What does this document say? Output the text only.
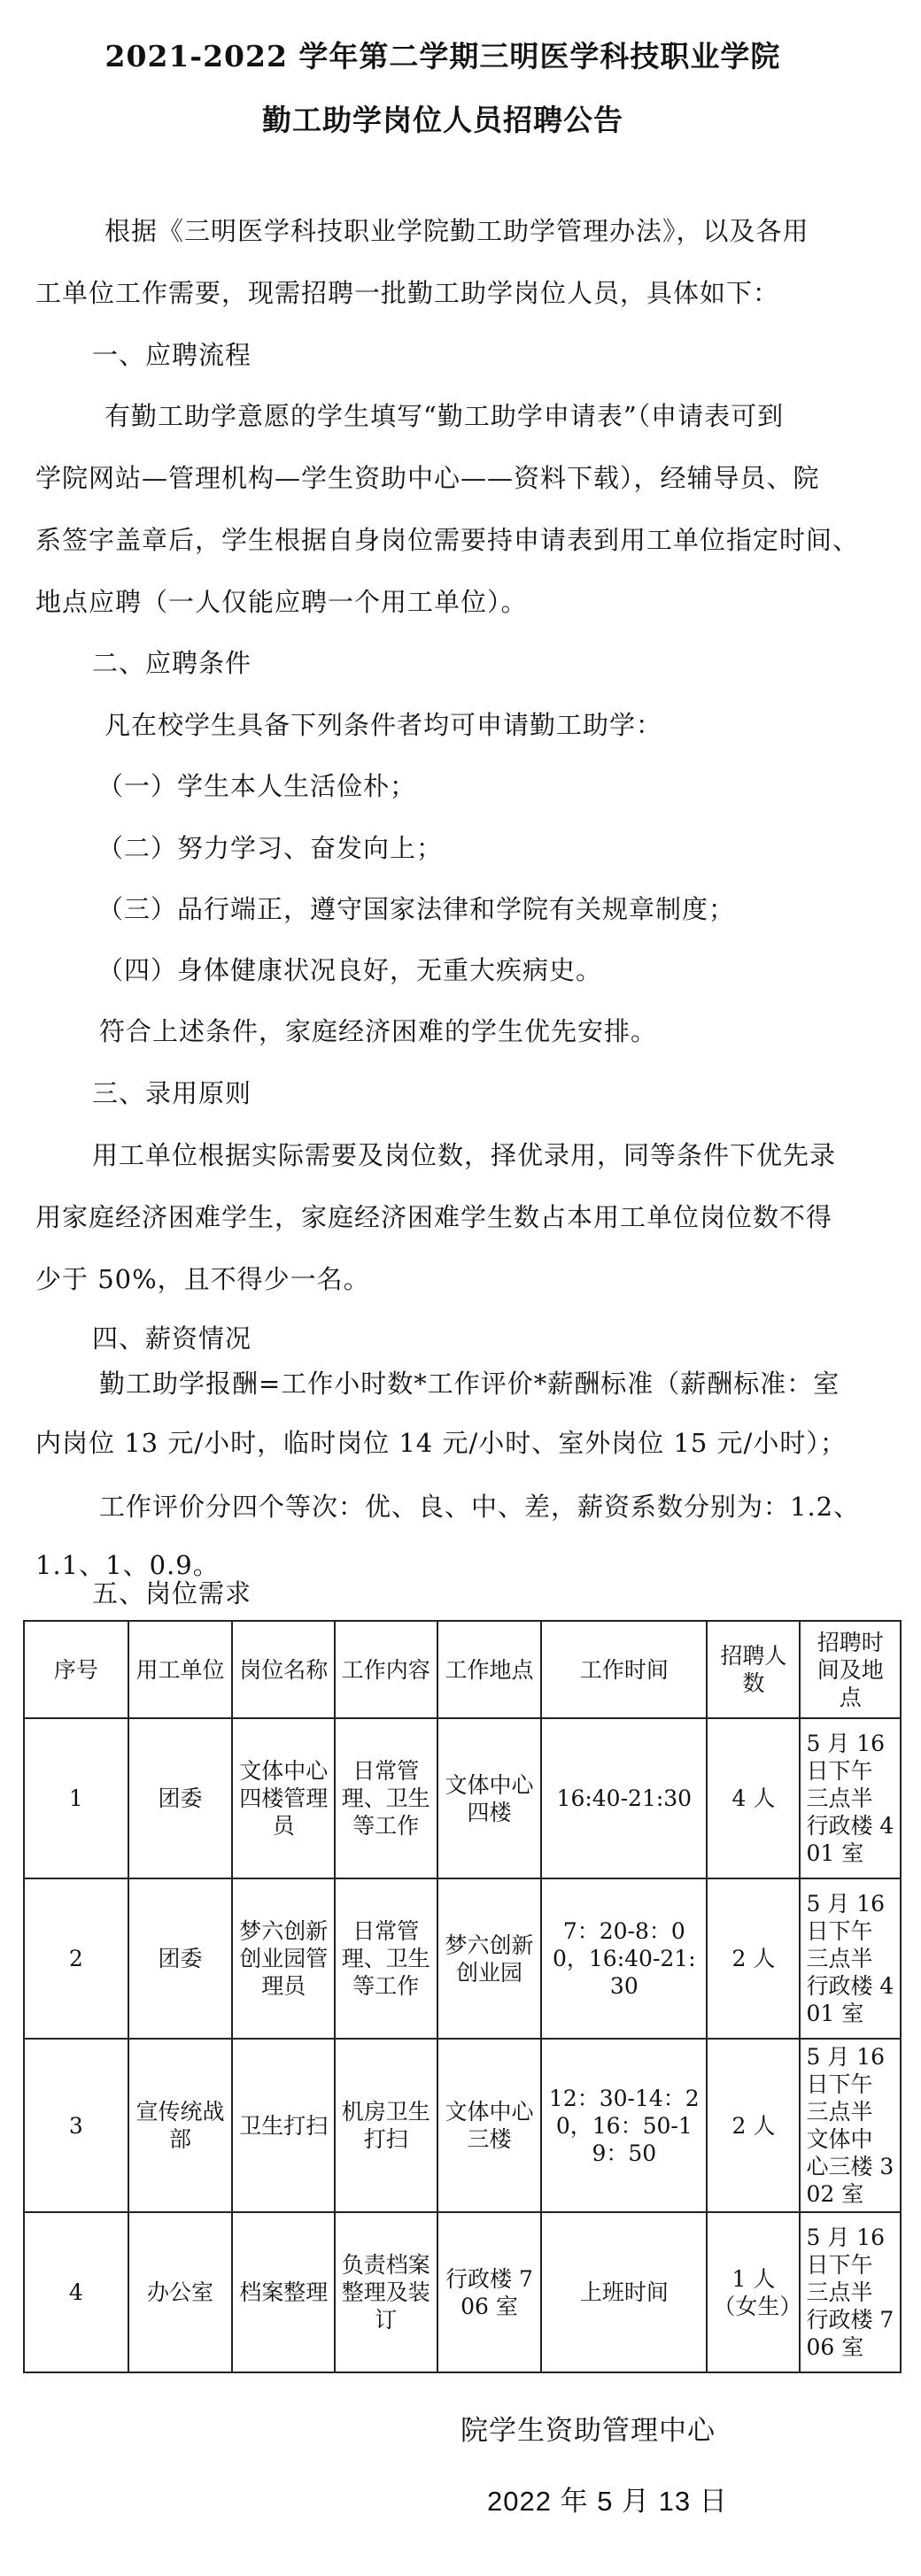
2021-2022 学年第二学期三明医学科技职业学院
勤工助学岗位人员招聘公告
根据《三明医学科技职业学院勤工助学管理办法》，以及各用
工单位工作需要，现需招聘一批勤工助学岗位人员，具体如下：
一、应聘流程
有勤工助学意愿的学生填写“勤工助学申请表”（申请表可到
学院网站—管理机构—学生资助中心——资料下载），经辅导员、院
系签字盖章后，学生根据自身岗位需要持申请表到用工单位指定时间、
地点应聘（一人仅能应聘一个用工单位）。
二、应聘条件
凡在校学生具备下列条件者均可申请勤工助学：
（一）学生本人生活俭朴；
（二）努力学习、奋发向上；
（三）品行端正，遵守国家法律和学院有关规章制度；
（四）身体健康状况良好，无重大疾病史。
符合上述条件，家庭经济困难的学生优先安排。
三、录用原则
用工单位根据实际需要及岗位数，择优录用，同等条件下优先录
用家庭经济困难学生，家庭经济困难学生数占本用工单位岗位数不得
少于 50%，且不得少一名。
四、薪资情况
勤工助学报酬=工作小时数*工作评价*薪酬标准（薪酬标准：室
内岗位 13 元/小时，临时岗位 14 元/小时、室外岗位 15 元/小时）；
工作评价分四个等次：优、良、中、差，薪资系数分别为：1.2、
1.1、1、0.9。
五、岗位需求
序号	用工单位	岗位名称	工作内容	工作地点	工作时间	招聘人数	招聘时间及地点
1	团委	文体中心四楼管理员	日常管理、卫生等工作	文体中心四楼	16:40-21:30	4 人	5 月 16 日下午三点半行政楼 401 室
2	团委	梦六创新创业园管理员	日常管理、卫生等工作	梦六创新创业园	7：20-8：00，16:40-21:30	2 人	5 月 16 日下午三点半行政楼 401 室
3	宣传统战部	卫生打扫	机房卫生打扫	文体中心三楼	12：30-14：20，16：50-19：50	2 人	5 月 16 日下午三点半文体中心三楼 302 室
4	办公室	档案整理	负责档案整理及装订	行政楼 706 室	上班时间	1 人（女生）	5 月 16 日下午三点半行政楼 706 室
院学生资助管理中心
2022 年 5 月 13 日
